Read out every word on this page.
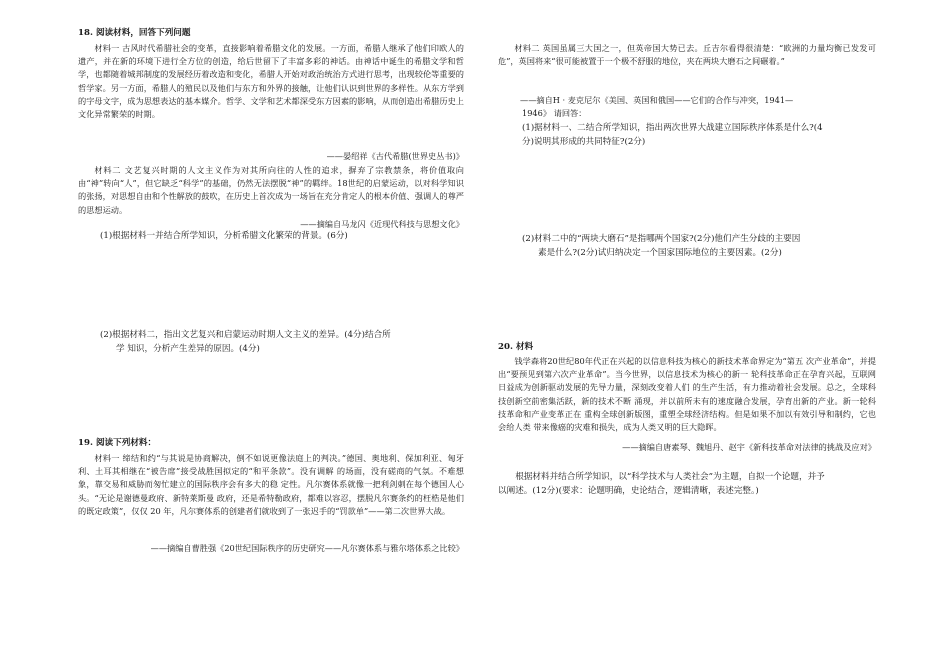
18. 阅读材料，回答下列问题

材料一 古风时代希腊社会的变革，直接影响着希腊文化的发展。一方面，希腊人继承了他们印欧人的遗产，并在新的环境下进行全方位的创造，给后世留下了丰富多彩的神话。由神话中诞生的希腊文学和哲学，也都随着城邦制度的发展经历着改造和变化，希腊人开始对政治统治方式进行思考，出现较伦等重要的哲学家。另一方面，希腊人的殖民以及他们与东方和外界的接触，让他们认识到世界的多样性。从东方学到的字母文字，成为思想表达的基本媒介。哲学、文学和艺术都深受东方因素的影响，从而创造出希腊历史上文化异常繁荣的时期。

——晏绍祥《古代希腊(世界史丛书)》

材料二 文艺复兴时期的人文主义作为对其所向往的人性的追求，摒弃了宗教禁条，将价值取向由“神”转向“人”，但它缺乏“科学”的基础，仍然无法摆脱“神”的羁绊。18世纪的启蒙运动，以对科学知识的张扬，对思想自由和个性解放的鼓吹，在历史上首次成为一场旨在充分肯定人的根本价值、强调人的尊严的思想运动。

——摘编自马龙闪《近现代科技与思想文化》

(1)根据材料一并结合所学知识，分析希腊文化繁荣的背景。(6分)

(2)根据材料二，指出文艺复兴和启蒙运动时期人文主义的差异。(4分)结合所

学 知识，分析产生差异的原因。(4分)

19. 阅读下列材料：

材料一 缔结和约“与其说是协商解决，倒不如说更像法庭上的判决。”德国、奥地利、保加利亚、匈牙利、土耳其相继在“被告席”接受战胜国拟定的“和平条款”。没有调解 的场面，没有磋商的气氛。不难想象，靠交易和威胁而匆忙建立的国际秩序会有多大的稳 定性。凡尔赛体系就像一把利剑刺在每个德国人心头。“无论是谢德曼政府、新特莱斯曼 政府，还是希特勒政府，都难以容忍，摆脱凡尔赛条约的枉梏是他们的既定政策”，仅仅 20 年，凡尔赛体系的创建者们就收到了一张迟手的“罚款单”——第二次世界大战。

——摘编自曹胜强《20世纪国际秩序的历史研究——凡尔赛体系与雅尔塔体系之比较》

材料二 英国虽属三大国之一，但英帝国大势已去。丘吉尔看得很清楚：“欧洲的力量均衡已发发可危”，英国将来“很可能被置于一个极不舒服的地位，夹在两块大磨石之间碾着。”

——摘自H · 麦克尼尔《美国、英国和俄国——它们的合作与冲突，1941—

1946》 请回答：

(1)据材料一、二结合所学知识，指出两次世界大战建立国际秩序体系是什么?(4

分)说明其形成的共同特征?(2分)

(2)材料二中的“两块大磨石”是指哪两个国家?(2分)他们产生分歧的主要因

素是什么?(2分)试归纳决定一个国家国际地位的主要因素。(2分)

20. 材料

钱学森将20世纪80年代正在兴起的以信息科技为核心的新技术革命界定为“第五 次产业革命”，并提出“要预见到第六次产业革命”。当今世界，以信息技术为核心的新一 轮科技革命正在孕育兴起，互联网日益成为创新驱动发展的先导力量，深刻改变着人们 的生产生活，有力推动着社会发展。总之，全球科技创新空前密集活跃，新的技术不断 涌现，并以前所未有的速度融合发展，孕育出新的产业。新一轮科技革命和产业变革正在 重构全球创新版图，重塑全球经济结构。但是如果不加以有效引导和制约，它也会给人类 带来像癌的灾难和损失，成为人类又明的巨大隐晖。

——摘编自唐素琴、魏旭丹、赵宇《新科技革命对法律的挑战及应对》

根据材料并结合所学知识，以“科学技术与人类社会”为主题，自拟一个论题，并予

以阐述。(12分)(要求：论题明确，史论结合，逻辑清晰，表述完整。)
